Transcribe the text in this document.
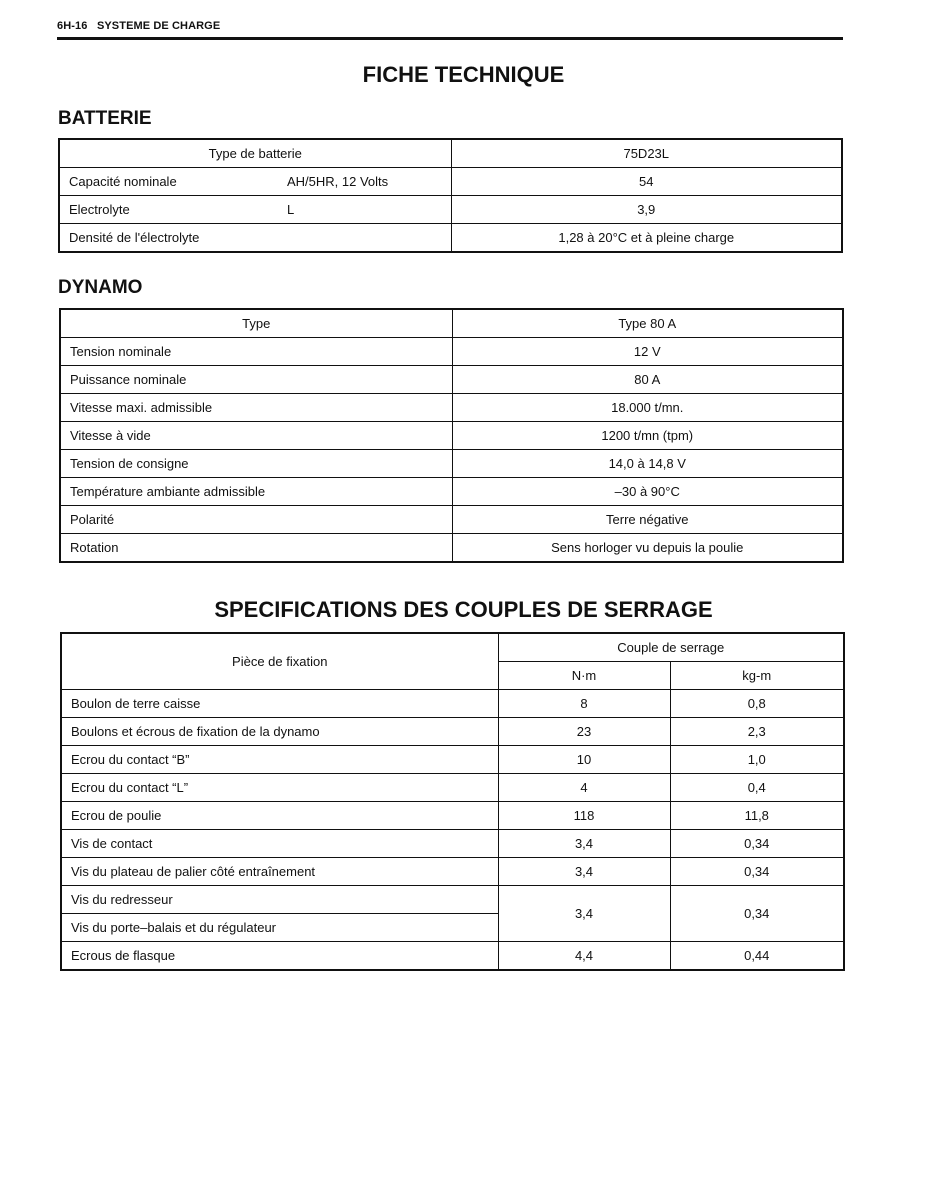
6H-16 SYSTEME DE CHARGE
FICHE TECHNIQUE
BATTERIE
Type de batterie	75D23L

Capacité nominale AH/5HR, 12 Volts	54

Electrolyte L	3,9

Densité de l'électrolyte	1,28 à 20°C et à pleine charge
DYNAMO
Type	Type 80 A
Tension nominale	12 V
Puissance nominale	80 A
Vitesse maxi. admissible	18.000 t/mn.
Vitesse à vide	1200 t/mn (tpm)
Tension de consigne	14,0 à 14,8 V
Température ambiante admissible	–30 à 90°C
Polarité	Terre négative
Rotation	Sens horloger vu depuis la poulie
SPECIFICATIONS DES COUPLES DE SERRAGE
Pièce de fixation	Couple de serrage	
	N·m	kg-m
Boulon de terre caisse	8	0,8
Boulons et écrous de fixation de la dynamo	23	2,3
Ecrou du contact “B”	10	1,0
Ecrou du contact “L”	4	0,4
Ecrou de poulie	118	11,8
Vis de contact	3,4	0,34
Vis du plateau de palier côté entraînement	3,4	0,34
Vis du redresseur	3,4	0,34
Vis du porte–balais et du régulateur		
Ecrous de flasque	4,4	0,44
